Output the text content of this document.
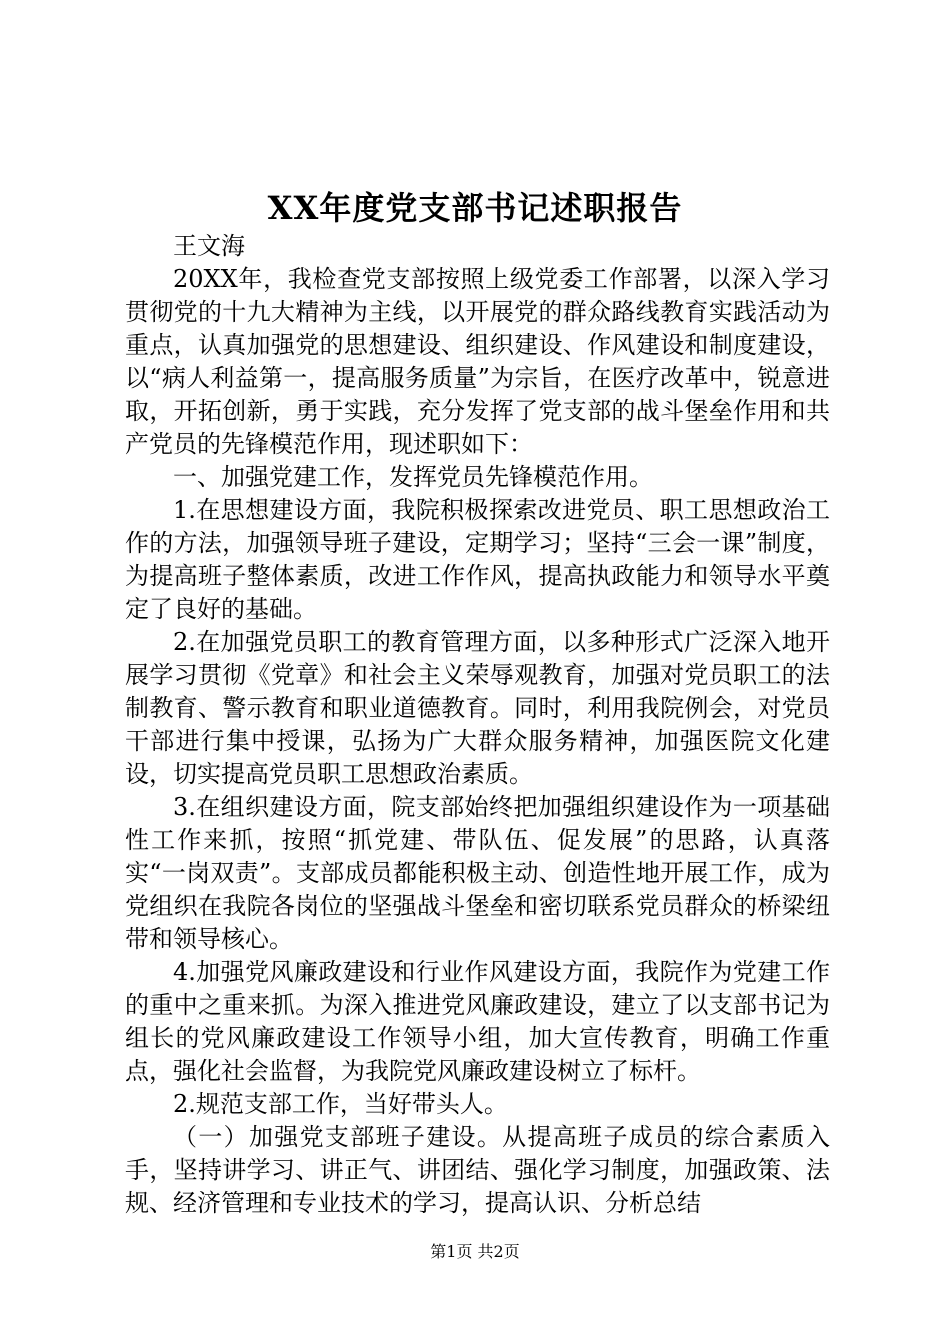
XX年度党支部书记述职报告

王文海

20XX年，我检查党支部按照上级党委工作部署，以深入学习贯彻党的十九大精神为主线，以开展党的群众路线教育实践活动为重点，认真加强党的思想建设、组织建设、作风建设和制度建设，以“病人利益第一，提高服务质量”为宗旨，在医疗改革中，锐意进取，开拓创新，勇于实践，充分发挥了党支部的战斗堡垒作用和共产党员的先锋模范作用，现述职如下：

一、加强党建工作，发挥党员先锋模范作用。

1.在思想建设方面，我院积极探索改进党员、职工思想政治工作的方法，加强领导班子建设，定期学习；坚持“三会一课”制度，为提高班子整体素质，改进工作作风，提高执政能力和领导水平奠定了良好的基础。

2.在加强党员职工的教育管理方面，以多种形式广泛深入地开展学习贯彻《党章》和社会主义荣辱观教育，加强对党员职工的法制教育、警示教育和职业道德教育。同时，利用我院例会，对党员干部进行集中授课，弘扬为广大群众服务精神，加强医院文化建设，切实提高党员职工思想政治素质。

3.在组织建设方面，院支部始终把加强组织建设作为一项基础性工作来抓，按照“抓党建、带队伍、促发展”的思路，认真落实“一岗双责”。支部成员都能积极主动、创造性地开展工作，成为党组织在我院各岗位的坚强战斗堡垒和密切联系党员群众的桥梁纽带和领导核心。

4.加强党风廉政建设和行业作风建设方面，我院作为党建工作的重中之重来抓。为深入推进党风廉政建设，建立了以支部书记为组长的党风廉政建设工作领导小组，加大宣传教育，明确工作重点，强化社会监督，为我院党风廉政建设树立了标杆。

2.规范支部工作，当好带头人。

（一）加强党支部班子建设。从提高班子成员的综合素质入手，坚持讲学习、讲正气、讲团结、强化学习制度，加强政策、法规、经济管理和专业技术的学习，提高认识、分析总结

第1页 共2页
